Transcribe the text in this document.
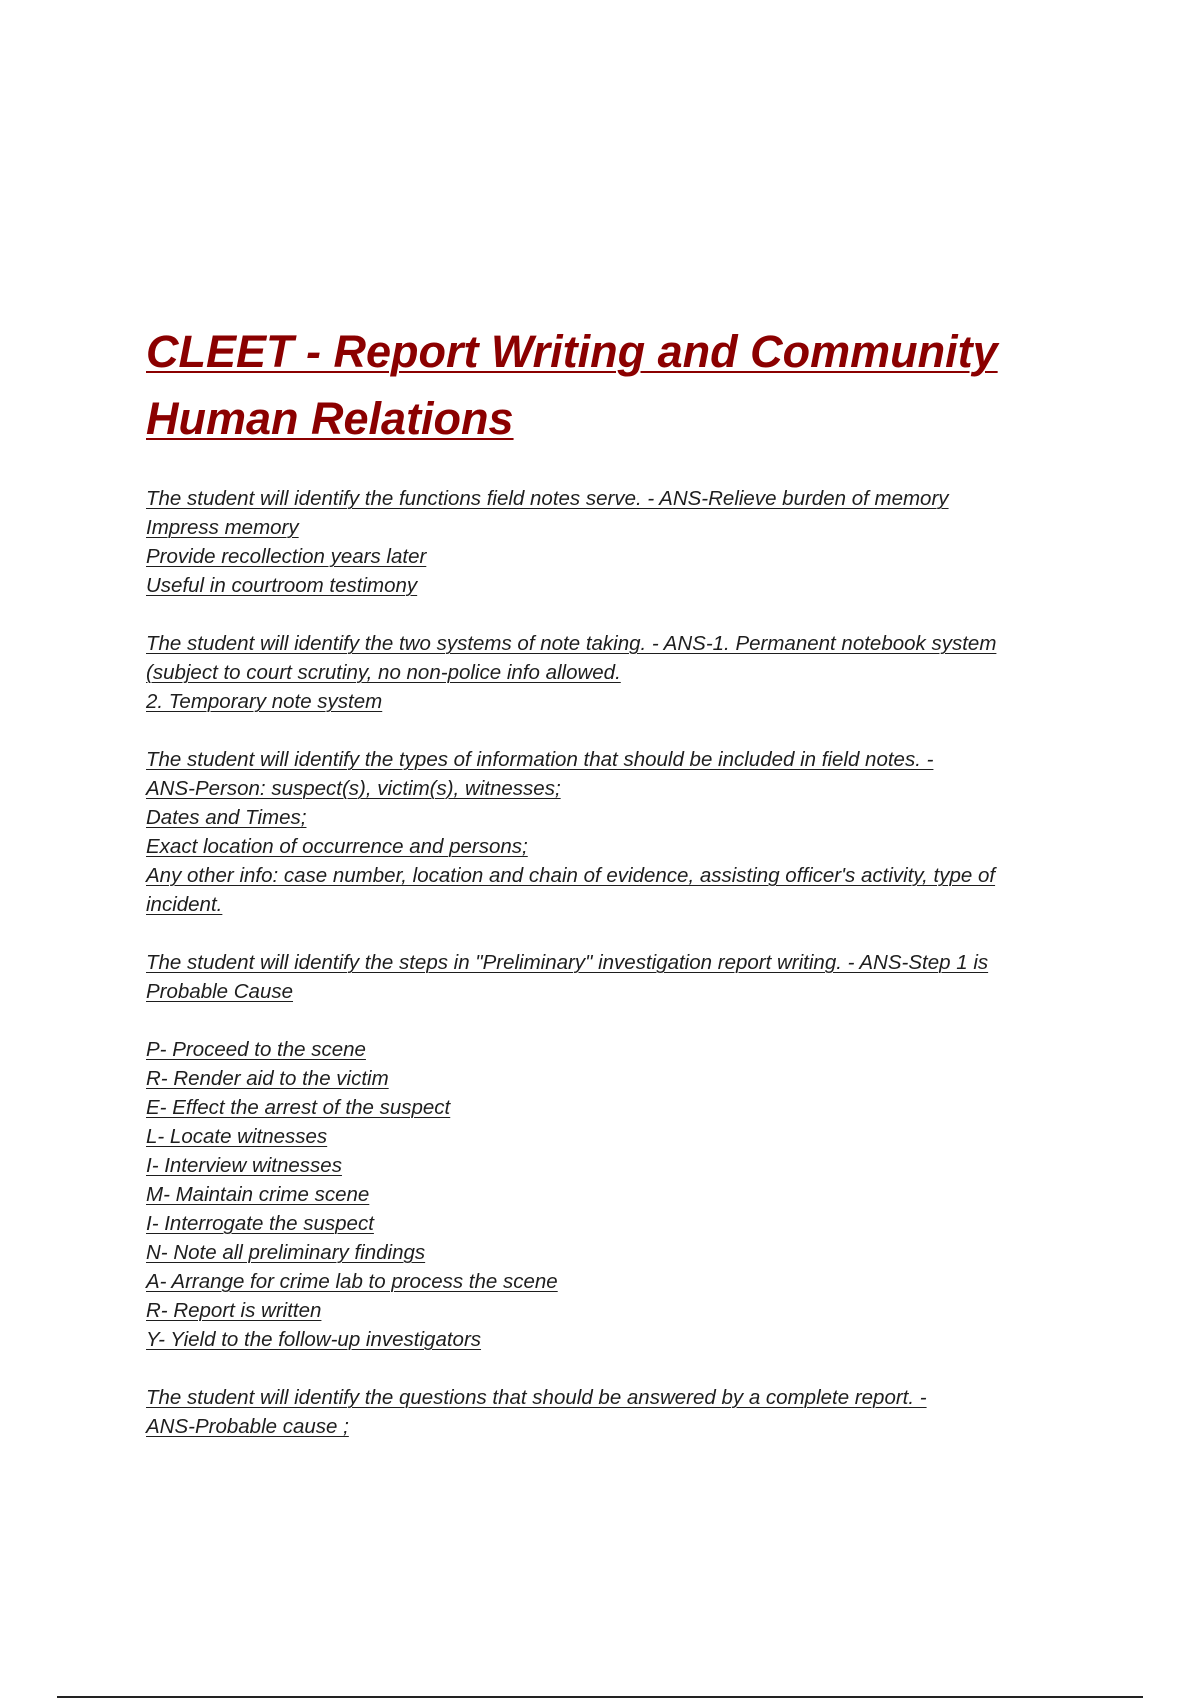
CLEET - Report Writing and Community
Human Relations
The student will identify the functions field notes serve. - ANS-Relieve burden of memory
Impress memory
Provide recollection years later
Useful in courtroom testimony
The student will identify the two systems of note taking. - ANS-1. Permanent notebook system
(subject to court scrutiny, no non-police info allowed.
2. Temporary note system
The student will identify the types of information that should be included in field notes. -
ANS-Person: suspect(s), victim(s), witnesses;
Dates and Times;
Exact location of occurrence and persons;
Any other info: case number, location and chain of evidence, assisting officer's activity, type of
incident.
The student will identify the steps in "Preliminary" investigation report writing. - ANS-Step 1 is
Probable Cause
P- Proceed to the scene
R- Render aid to the victim
E- Effect the arrest of the suspect
L- Locate witnesses
I- Interview witnesses
M- Maintain crime scene
I- Interrogate the suspect
N- Note all preliminary findings
A- Arrange for crime lab to process the scene
R- Report is written
Y- Yield to the follow-up investigators
The student will identify the questions that should be answered by a complete report. -
ANS-Probable cause ;
